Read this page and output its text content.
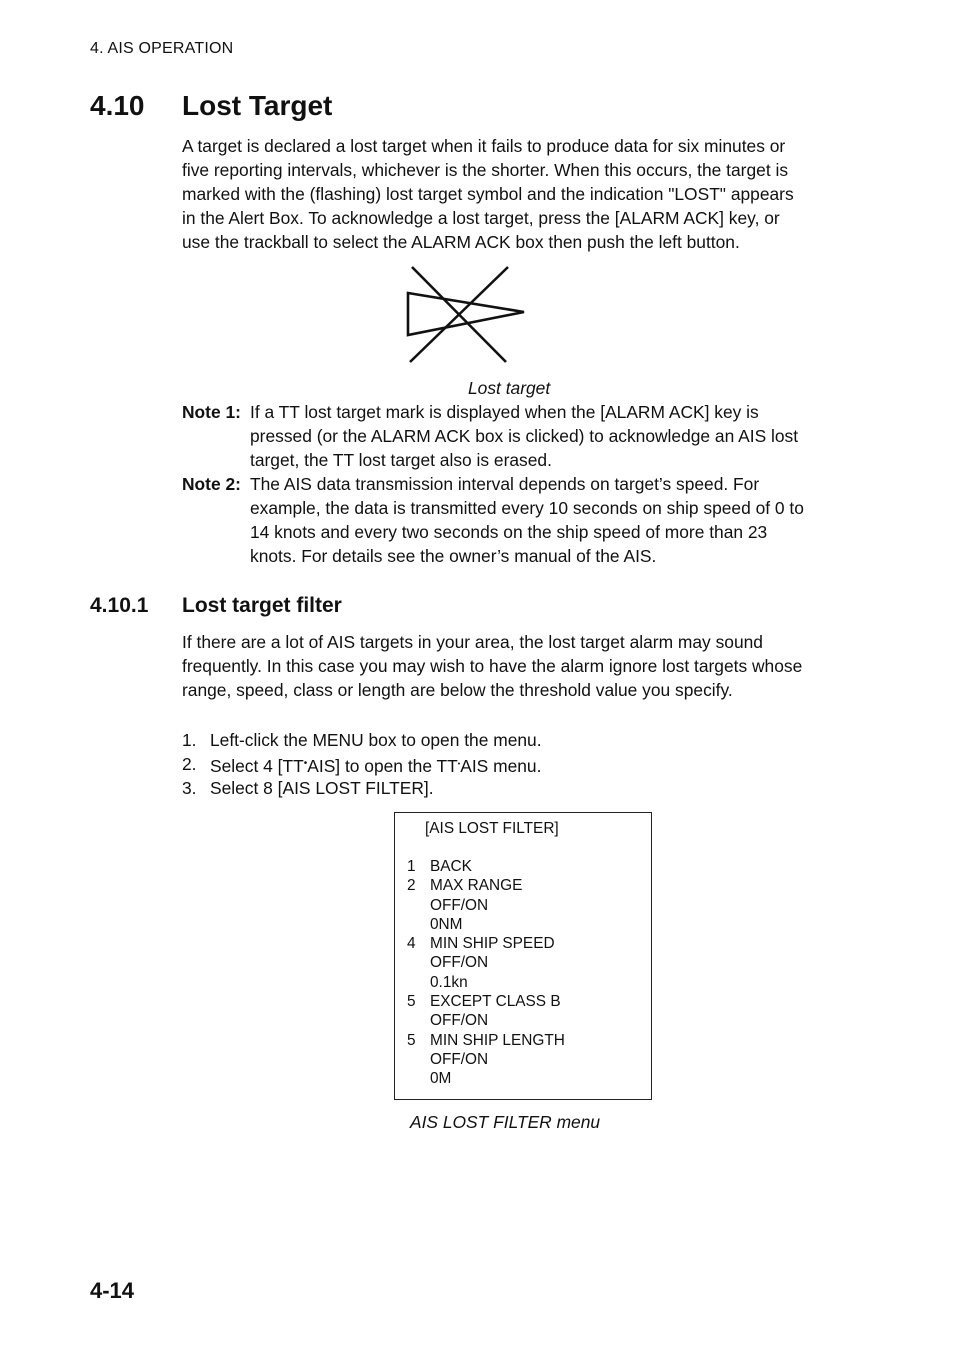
4. AIS OPERATION
4.10 Lost Target
A target is declared a lost target when it fails to produce data for six minutes or
five reporting intervals, whichever is the shorter. When this occurs, the target is
marked with the (flashing) lost target symbol and the indication "LOST" appears
in the Alert Box. To acknowledge a lost target, press the [ALARM ACK] key, or
use the trackball to select the ALARM ACK box then push the left button.
Lost target
Note 1: If a TT lost target mark is displayed when the [ALARM ACK] key is
pressed (or the ALARM ACK box is clicked) to acknowledge an AIS lost
target, the TT lost target also is erased.
Note 2: The AIS data transmission interval depends on target’s speed. For
example, the data is transmitted every 10 seconds on ship speed of 0 to
14 knots and every two seconds on the ship speed of more than 23
knots. For details see the owner’s manual of the AIS.
4.10.1 Lost target filter
If there are a lot of AIS targets in your area, the lost target alarm may sound
frequently. In this case you may wish to have the alarm ignore lost targets whose
range, speed, class or length are below the threshold value you specify.
1. Left-click the MENU box to open the menu.
2. Select 4 [TT•AIS] to open the TT•AIS menu.
3. Select 8 [AIS LOST FILTER].
[AIS LOST FILTER]
1 BACK
2 MAX RANGE
OFF/ON
0NM
4 MIN SHIP SPEED
OFF/ON
0.1kn
5 EXCEPT CLASS B
OFF/ON
5 MIN SHIP LENGTH
OFF/ON
0M
AIS LOST FILTER menu
4-14
